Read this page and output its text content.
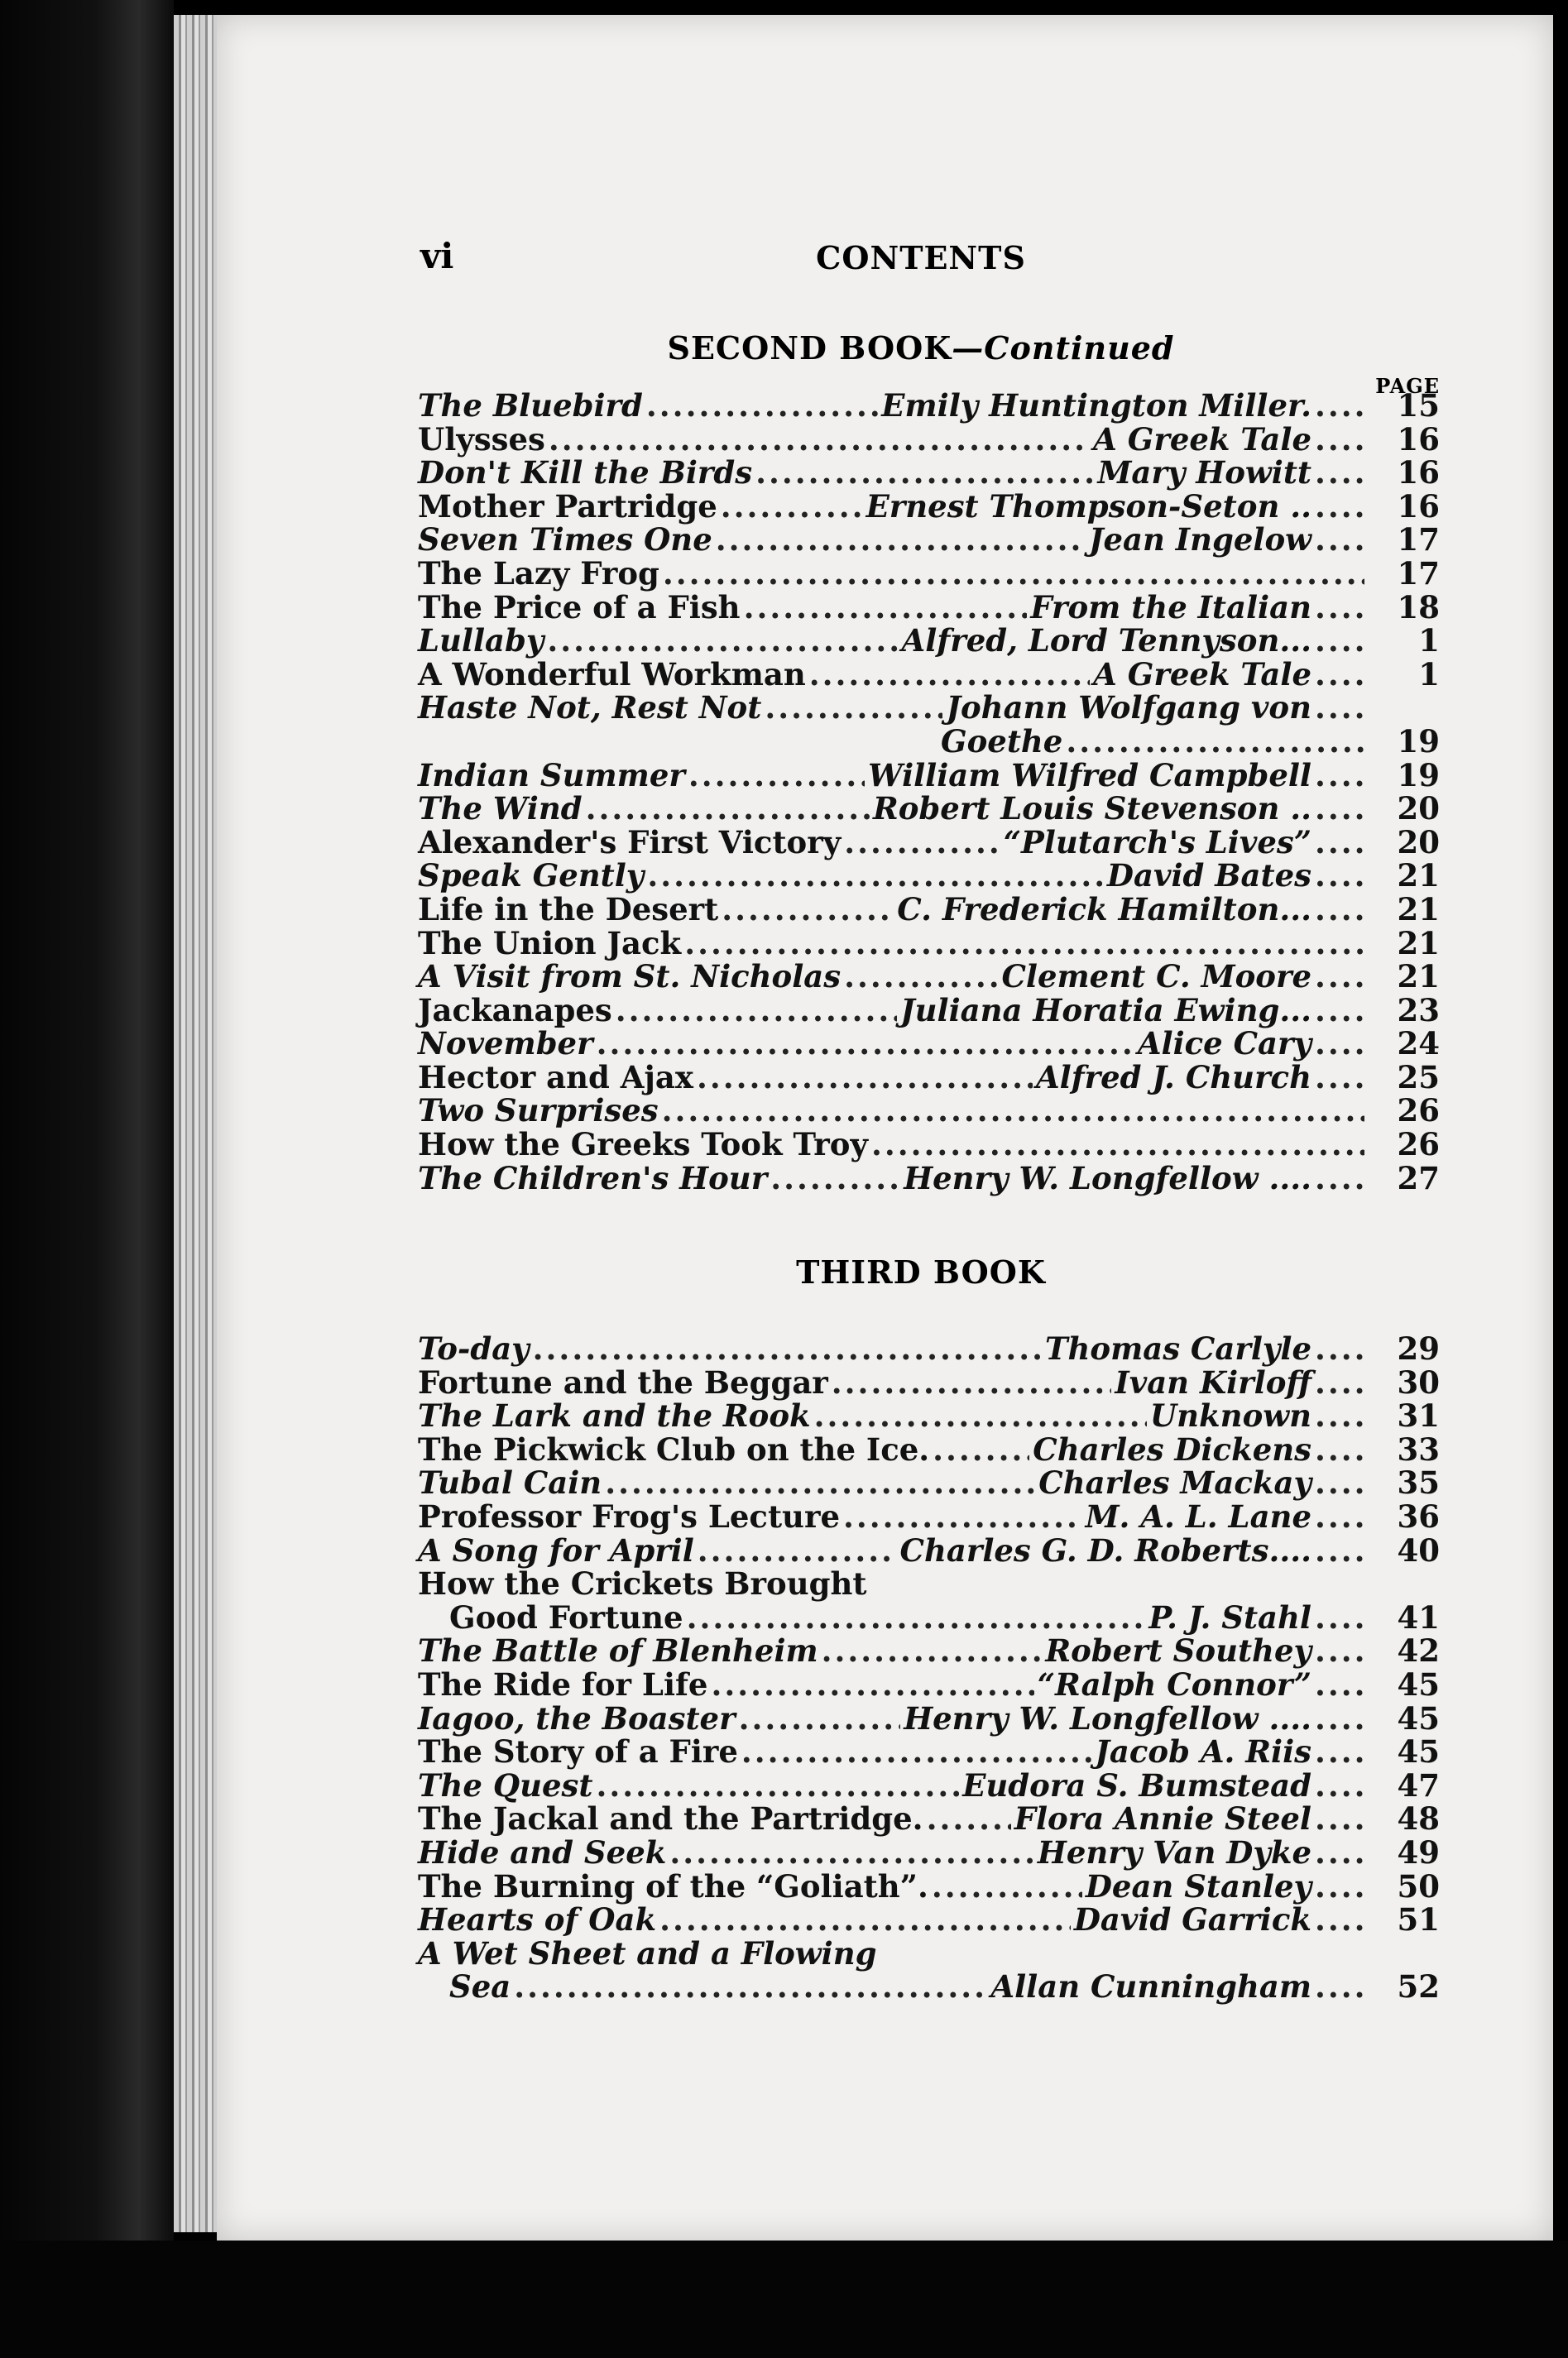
vi	CONTENTS
SECOND BOOK—Continued
PAGE
The Bluebird .....	Emily Huntington Miller. .....	15
Ulysses .....	A Greek Tale .....	16
Don't Kill the Birds .....	Mary Howitt .....	16
Mother Partridge .....	Ernest Thompson-Seton .. .....	16
Seven Times One .....	Jean Ingelow .....	17
The Lazy Frog .....	17
The Price of a Fish .....	From the Italian .....	18
Lullaby .....	Alfred, Lord Tennyson... .....	1
A Wonderful Workman .....	A Greek Tale .....	1
Haste Not, Rest Not .....	Johann Wolfgang von
.....
Goethe .....	19
Indian Summer .....	William Wilfred Campbell .....	19
The Wind .....	Robert Louis Stevenson .. .....	20
Alexander's First Victory .....	“Plutarch's Lives” .....	20
Speak Gently .....	David Bates .....	21
Life in the Desert .....	C. Frederick Hamilton... .....	21
The Union Jack .....	21
A Visit from St. Nicholas .....	Clement C. Moore .....	21
Jackanapes .....	Juliana Horatia Ewing... .....	23
November .....	Alice Cary .....	24
Hector and Ajax .....	Alfred J. Church .....	25
Two Surprises .....	26
How the Greeks Took Troy .....	26
The Children's Hour .....	Henry W. Longfellow .... .....	27
THIRD BOOK
To-day .....	Thomas Carlyle .....	29
Fortune and the Beggar .....	Ivan Kirloff .....	30
The Lark and the Rook .....	Unknown .....	31
The Pickwick Club on the Ice. .....	Charles Dickens .....	33
Tubal Cain .....	Charles Mackay .....	35
Professor Frog's Lecture .....	M. A. L. Lane .....	36
A Song for April .....	Charles G. D. Roberts.... .....	40
How the Crickets Brought
Good Fortune .....	P. J. Stahl .....	41
The Battle of Blenheim .....	Robert Southey .....	42
The Ride for Life .....	“Ralph Connor” .....	45
Iagoo, the Boaster .....	Henry W. Longfellow .... .....	45
The Story of a Fire .....	Jacob A. Riis .....	45
The Quest .....	Eudora S. Bumstead .....	47
The Jackal and the Partridge. .....	Flora Annie Steel .....	48
Hide and Seek .....	Henry Van Dyke .....	49
The Burning of the “Goliath”. .....	Dean Stanley .....	50
Hearts of Oak .....	David Garrick .....	51
A Wet Sheet and a Flowing
Sea .....	Allan Cunningham .....	52
